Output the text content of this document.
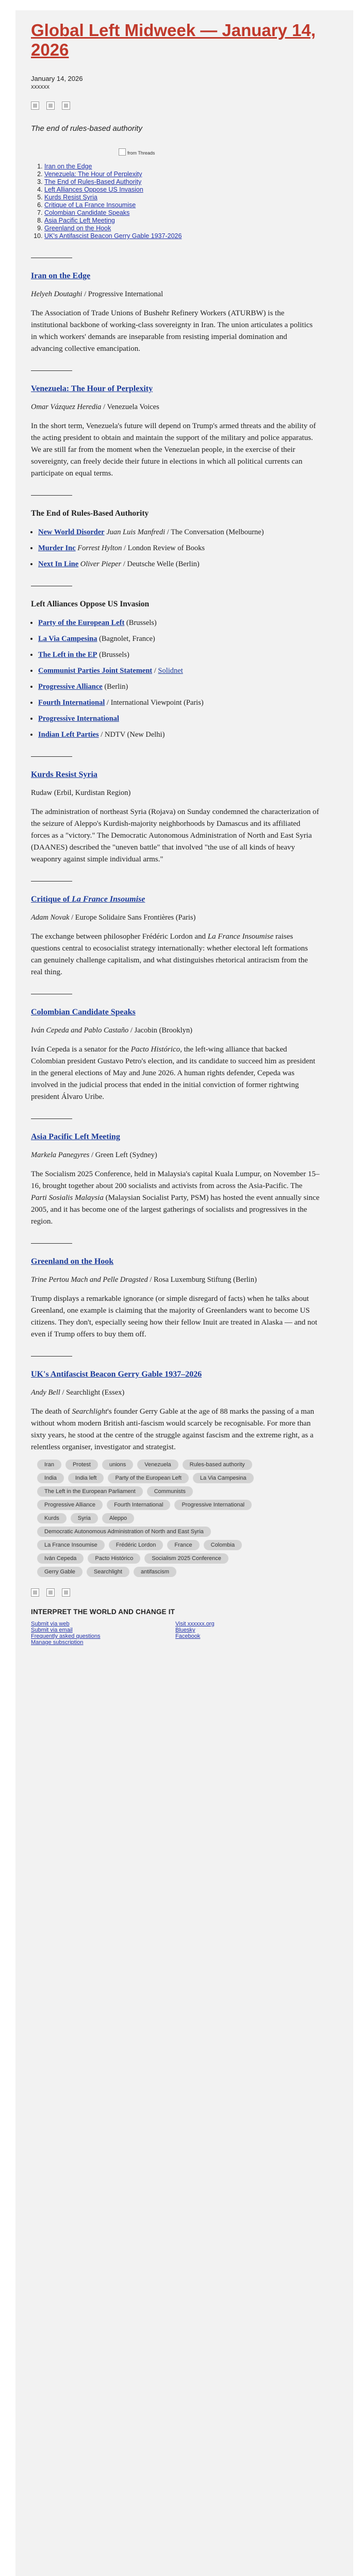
Global Left Midweek — January 14, 2026

January 14, 2026

xxxxxx

The end of rules-based authority

from Threads
1. Iran on the Edge
2. Venezuela: The Hour of Perplexity
3. The End of Rules-Based Authority
4. Left Alliances Oppose US Invasion
5. Kurds Resist Syria
6. Critique of La France Insoumise
7. Colombian Candidate Speaks
8. Asia Pacific Left Meeting
9. Greenland on the Hook
10. UK's Antifascist Beacon Gerry Gable 1937-2026
Iran on the Edge

Helyeh Doutaghi / Progressive International

The Association of Trade Unions of Bushehr Refinery Workers (ATURBW) is the institutional backbone of working-class sovereignty in Iran. The union articulates a politics in which workers' demands are inseparable from resisting imperial domination and advancing collective emancipation.

Venezuela: The Hour of Perplexity

Omar Vázquez Heredia / Venezuela Voices

In the short term, Venezuela's future will depend on Trump's armed threats and the ability of the acting president to obtain and maintain the support of the military and police apparatus. We are still far from the moment when the Venezuelan people, in the exercise of their sovereignty, can freely decide their future in elections in which all political currents can participate on equal terms.

The End of Rules-Based Authority
• New World Disorder Juan Luis Manfredi / The Conversation (Melbourne)
• Murder Inc Forrest Hylton / London Review of Books
• Next In Line Oliver Pieper / Deutsche Welle (Berlin)
Left Alliances Oppose US Invasion
• Party of the European Left (Brussels)
• La Via Campesina (Bagnolet, France)
• The Left in the EP (Brussels)
• Communist Parties Joint Statement / Solidnet
• Progressive Alliance (Berlin)
• Fourth International / International Viewpoint (Paris)
• Progressive International
• Indian Left Parties / NDTV (New Delhi)
Kurds Resist Syria

Rudaw (Erbil, Kurdistan Region)

The administration of northeast Syria (Rojava) on Sunday condemned the characterization of the seizure of Aleppo's Kurdish-majority neighborhoods by Damascus and its affiliated forces as a "victory." The Democratic Autonomous Administration of North and East Syria (DAANES) described the "uneven battle" that involved "the use of all kinds of heavy weaponry against simple individual arms."

Critique of La France Insoumise

Adam Novak / Europe Solidaire Sans Frontières (Paris)

The exchange between philosopher Frédéric Lordon and La France Insoumise raises questions central to ecosocialist strategy internationally: whether electoral left formations can genuinely challenge capitalism, and what distinguishes rhetorical antiracism from the real thing.

Colombian Candidate Speaks

Iván Cepeda and Pablo Castaño / Jacobin (Brooklyn)

Iván Cepeda is a senator for the Pacto Histórico, the left-wing alliance that backed Colombian president Gustavo Petro's election, and its candidate to succeed him as president in the general elections of May and June 2026. A human rights defender, Cepeda was involved in the judicial process that ended in the initial conviction of former rightwing president Álvaro Uribe.

Asia Pacific Left Meeting

Markela Panegyres / Green Left (Sydney)

The Socialism 2025 Conference, held in Malaysia's capital Kuala Lumpur, on November 15–16, brought together about 200 socialists and activists from across the Asia-Pacific. The Parti Sosialis Malaysia (Malaysian Socialist Party, PSM) has hosted the event annually since 2005, and it has become one of the largest gatherings of socialists and progressives in the region.

Greenland on the Hook

Trine Pertou Mach and Pelle Dragsted / Rosa Luxemburg Stiftung (Berlin)

Trump displays a remarkable ignorance (or simple disregard of facts) when he talks about Greenland, one example is claiming that the majority of Greenlanders want to become US citizens. They don't, especially seeing how their fellow Inuit are treated in Alaska — and not even if Trump offers to buy them off.

UK's Antifascist Beacon Gerry Gable 1937–2026

Andy Bell / Searchlight (Essex)

The death of Searchlight's founder Gerry Gable at the age of 88 marks the passing of a man without whom modern British anti-fascism would scarcely be recognisable. For more than sixty years, he stood at the centre of the struggle against fascism and the extreme right, as a relentless organiser, investigator and strategist.

Iran	Protest	unions	Venezuela	Rules-based authority
India	India left	Party of the European Left	La Via Campesina
The Left in the European Parliament	Communists
Progressive Alliance	Fourth International	Progressive International
Kurds	Syria	Aleppo
Democratic Autonomous Administration of North and East Syria
La France Insoumise	Frédéric Lordon	France	Colombia
Iván Cepeda	Pacto Histórico	Socialism 2025 Conference
Gerry Gable	Searchlight	antifascism
INTERPRET THE WORLD AND CHANGE IT
Submit via web
Submit via email
Frequently asked questions
Manage subscription
Visit xxxxxx.org
Bluesky
Facebook
